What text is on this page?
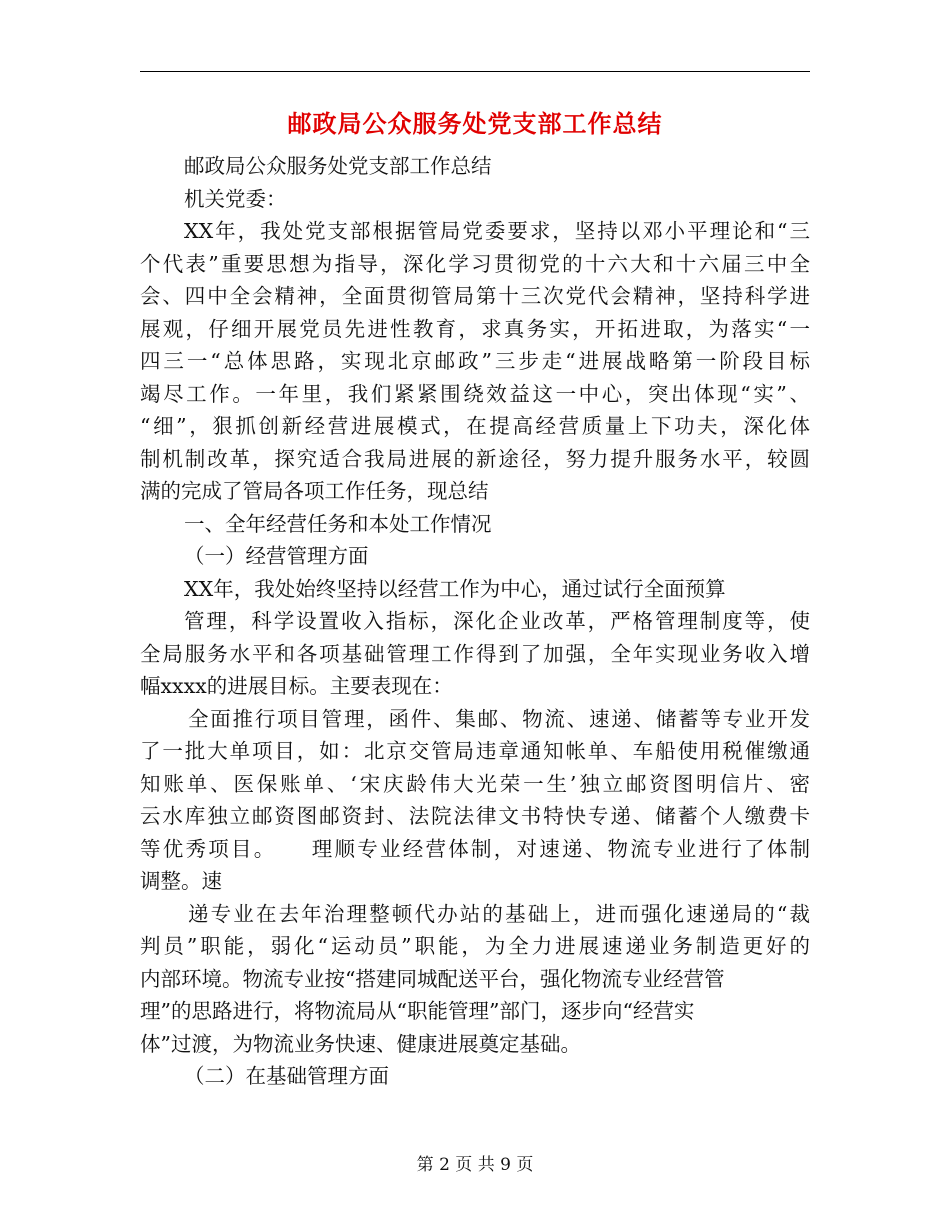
邮政局公众服务处党支部工作总结
邮政局公众服务处党支部工作总结
机关党委：
XX年，我处党支部根据管局党委要求，坚持以邓小平理论和“三
个代表”重要思想为指导，深化学习贯彻党的十六大和十六届三中全
会、四中全会精神，全面贯彻管局第十三次党代会精神，坚持科学进
展观，仔细开展党员先进性教育，求真务实，开拓进取，为落实“一
四三一“总体思路，实现北京邮政”三步走“进展战略第一阶段目标
竭尽工作。一年里，我们紧紧围绕效益这一中心，突出体现“实”、
“细”，狠抓创新经营进展模式，在提高经营质量上下功夫，深化体
制机制改革，探究适合我局进展的新途径，努力提升服务水平，较圆
满的完成了管局各项工作任务，现总结
一、全年经营任务和本处工作情况
（一）经营管理方面
XX年，我处始终坚持以经营工作为中心，通过试行全面预算
管理，科学设置收入指标，深化企业改革，严格管理制度等，使
全局服务水平和各项基础管理工作得到了加强，全年实现业务收入增
幅xxxx的进展目标。主要表现在：
全面推行项目管理，函件、集邮、物流、速递、储蓄等专业开发
了一批大单项目，如：北京交管局违章通知帐单、车船使用税催缴通
知账单、医保账单、‘宋庆龄伟大光荣一生’独立邮资图明信片、密
云水库独立邮资图邮资封、法院法律文书特快专递、储蓄个人缴费卡
等优秀项目。　　理顺专业经营体制，对速递、物流专业进行了体制
调整。速
递专业在去年治理整顿代办站的基础上，进而强化速递局的“裁
判员”职能，弱化“运动员”职能，为全力进展速递业务制造更好的
内部环境。物流专业按“搭建同城配送平台，强化物流专业经营管
理”的思路进行，将物流局从“职能管理”部门，逐步向“经营实
体”过渡，为物流业务快速、健康进展奠定基础。
（二）在基础管理方面
第 2 页 共 9 页
